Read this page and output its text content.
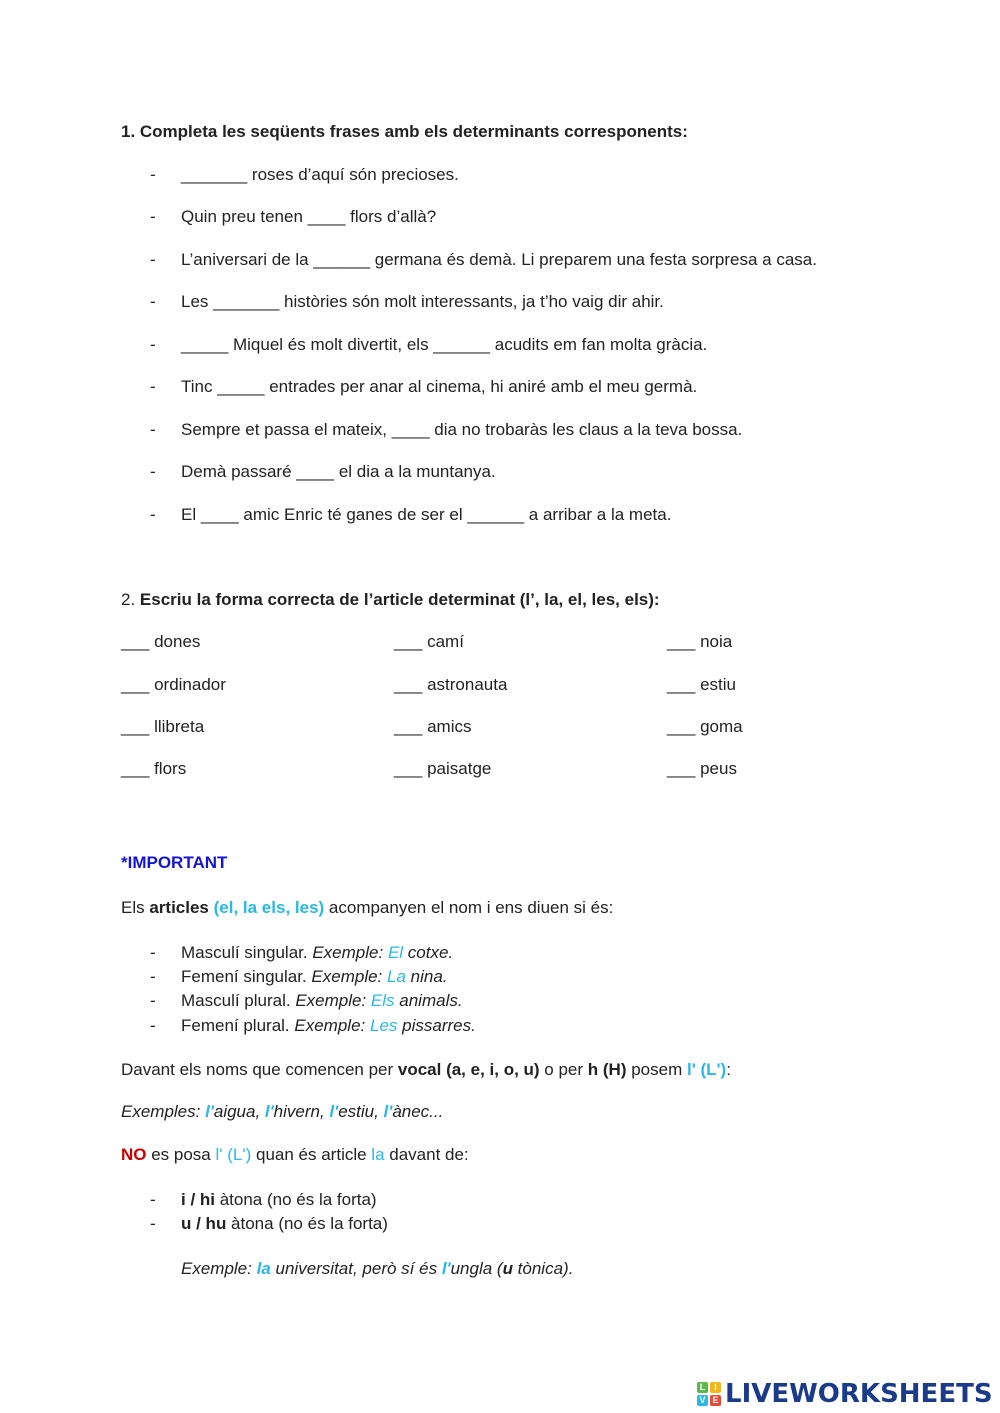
1. Completa les seqüents frases amb els determinants corresponents:
- _______ roses d’aquí són precioses.
- Quin preu tenen ____ flors d’allà?
- L’aniversari de la ______ germana és demà. Li preparem una festa sorpresa a casa.
- Les _______ històries són molt interessants, ja t’ho vaig dir ahir.
- _____ Miquel és molt divertit, els ______ acudits em fan molta gràcia.
- Tinc _____ entrades per anar al cinema, hi aniré amb el meu germà.
- Sempre et passa el mateix, ____ dia no trobaràs les claus a la teva bossa.
- Demà passaré ____ el dia a la muntanya.
- El ____ amic Enric té ganes de ser el ______ a arribar a la meta.
2. Escriu la forma correcta de l’article determinat (l’, la, el, les, els):
___ dones	___ camí	___ noia
___ ordinador	___ astronauta	___ estiu
___ llibreta	___ amics	___ goma
___ flors	___ paisatge	___ peus
*IMPORTANT
Els articles (el, la els, les) acompanyen el nom i ens diuen si és:
- Masculí singular. Exemple: El cotxe.
- Femení singular. Exemple: La nina.
- Masculí plural. Exemple: Els animals.
- Femení plural. Exemple: Les pissarres.
Davant els noms que comencen per vocal (a, e, i, o, u) o per h (H) posem l' (L'):
Exemples: l'aigua, l'hivern, l'estiu, l'ànec...
NO es posa l' (L') quan és article la davant de:
- i / hi àtona (no és la forta)
- u / hu àtona (no és la forta)
Exemple: la universitat, però sí és l'ungla (u tònica).
L I
V E LIVEWORKSHEETS
